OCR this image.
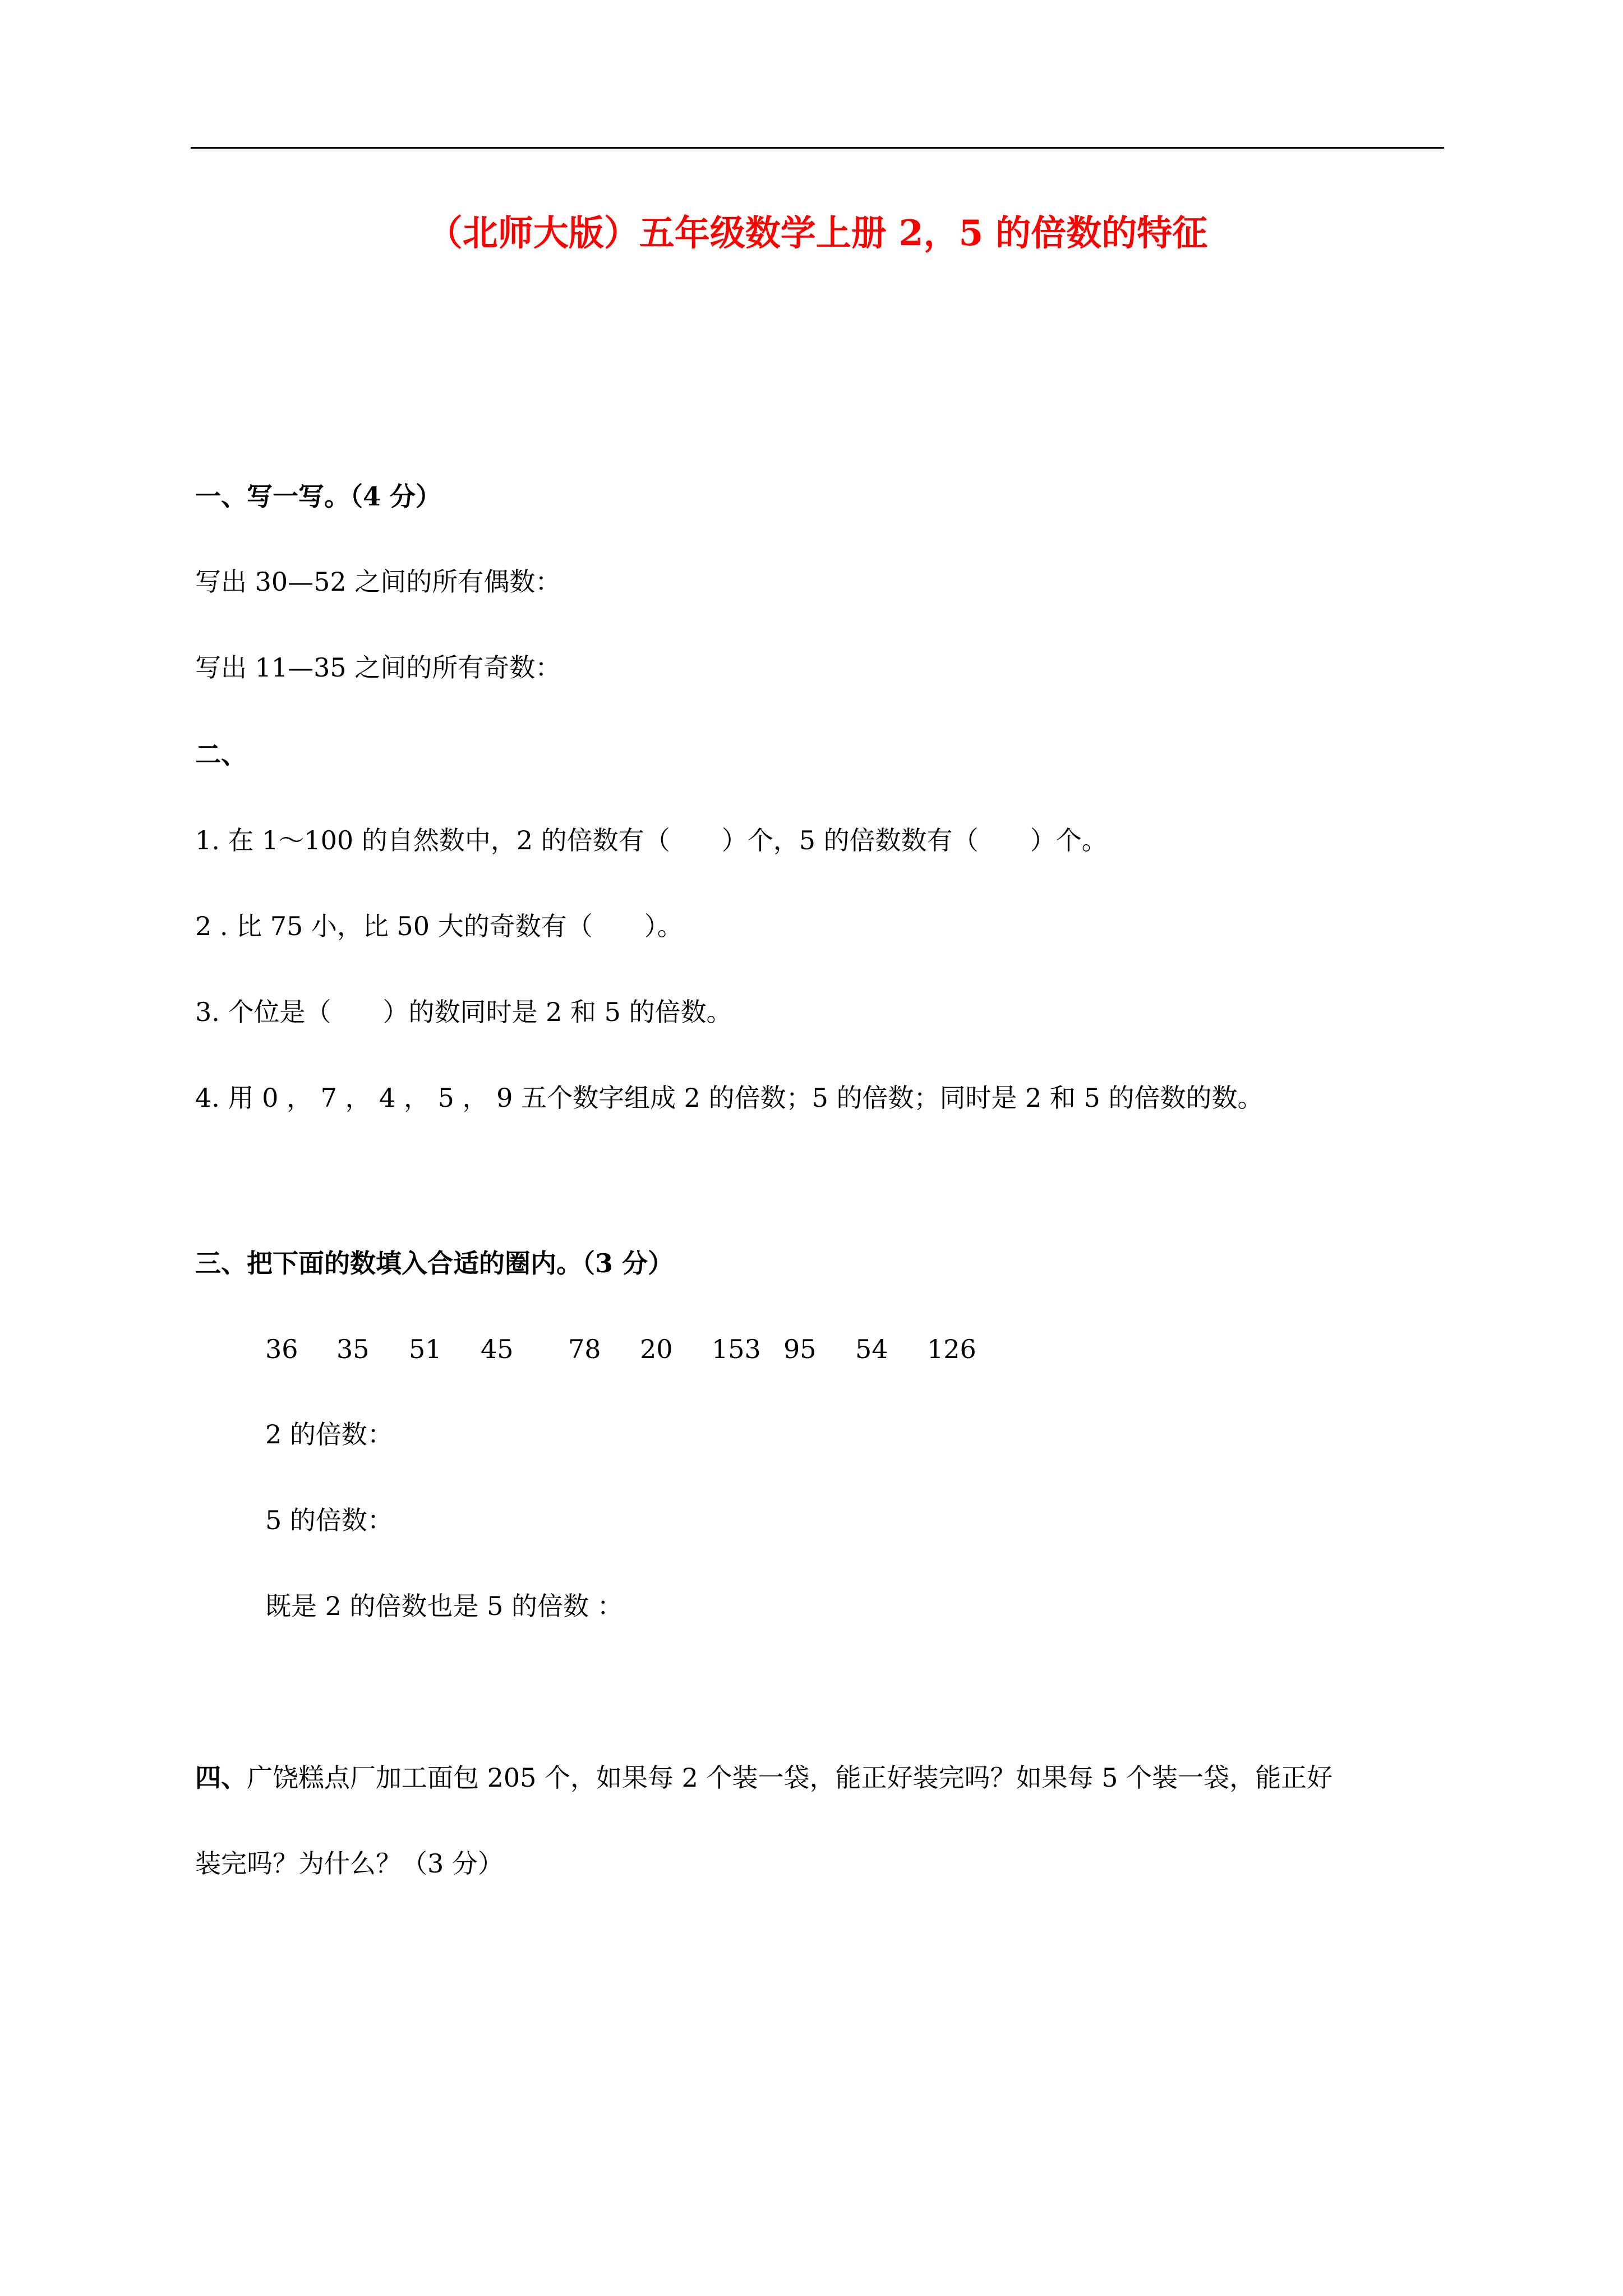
（北师大版）五年级数学上册 2，5 的倍数的特征
一、写一写。（4 分）
写出 30—52 之间的所有偶数：
写出 11—35 之间的所有奇数：
二、
1. 在 1～100 的自然数中，2 的倍数有（　　）个，5 的倍数数有（　　）个。
2 . 比 75 小，比 50 大的奇数有（　　）。
3. 个位是（　　）的数同时是 2 和 5 的倍数。
4. 用 0 ， 7 ， 4 ， 5 ， 9 五个数字组成 2 的倍数；5 的倍数；同时是 2 和 5 的倍数的数。
三、把下面的数填入合适的圈内。（3 分）
36 35 51 45 78 20 153 95 54 126
2 的倍数：
5 的倍数：
既是 2 的倍数也是 5 的倍数 ：
四、广饶糕点厂加工面包 205 个，如果每 2 个装一袋，能正好装完吗？如果每 5 个装一袋，能正好
装完吗？为什么？（3 分）
